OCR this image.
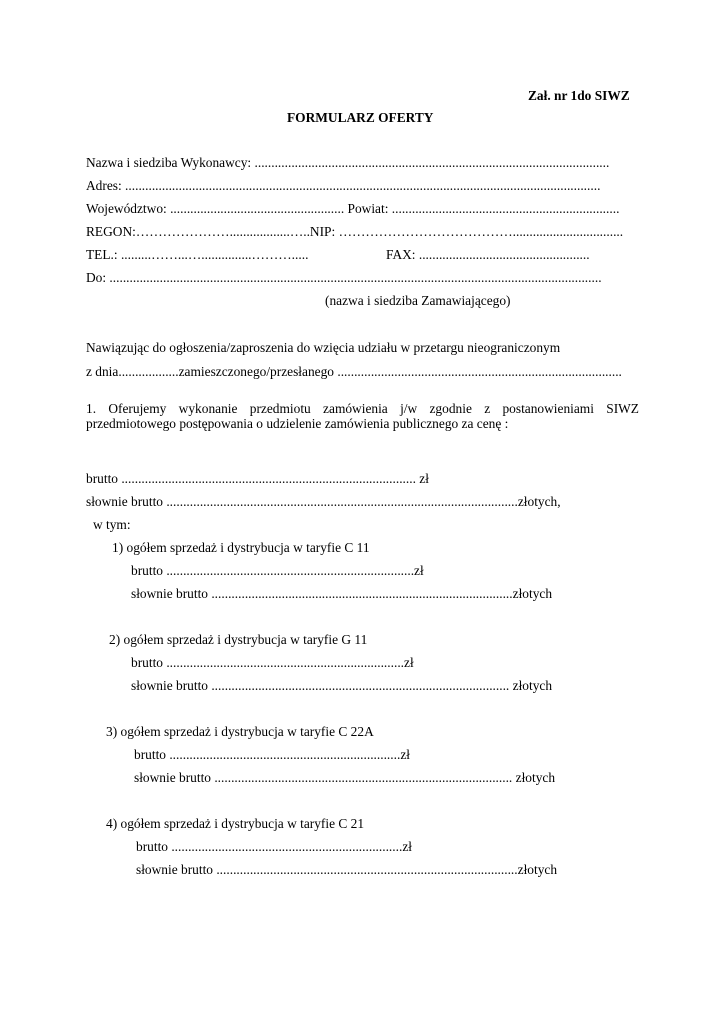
Zał. nr 1do SIWZ
FORMULARZ OFERTY
Nazwa i siedziba Wykonawcy: ..........................................................................................................
Adres: ..............................................................................................................................................
Województwo: .................................................... Powiat: ....................................................................
REGON:…………………..................…..NIP: ………………………………….................................
TEL.: .........……...…...............……….....	FAX: ...................................................
Do: ...................................................................................................................................................
(nazwa i siedziba Zamawiającego)
Nawiązując do ogłoszenia/zaproszenia do wzięcia udziału w przetargu nieograniczonym
z dnia..................zamieszczonego/przesłanego .....................................................................................
1. Oferujemy wykonanie przedmiotu zamówienia j/w zgodnie z postanowieniami SIWZ
przedmiotowego postępowania o udzielenie zamówienia publicznego za cenę :
brutto ........................................................................................ zł
słownie brutto .........................................................................................................złotych,
w tym:
1) ogółem sprzedaż i dystrybucja w taryfie C 11
brutto ..........................................................................zł
słownie brutto ..........................................................................................złotych
2) ogółem sprzedaż i dystrybucja w taryfie G 11
brutto .......................................................................zł
słownie brutto ......................................................................................... złotych
3) ogółem sprzedaż i dystrybucja w taryfie C 22A
brutto .....................................................................zł
słownie brutto ......................................................................................... złotych
4) ogółem sprzedaż i dystrybucja w taryfie C 21
brutto .....................................................................zł
słownie brutto ..........................................................................................złotych
